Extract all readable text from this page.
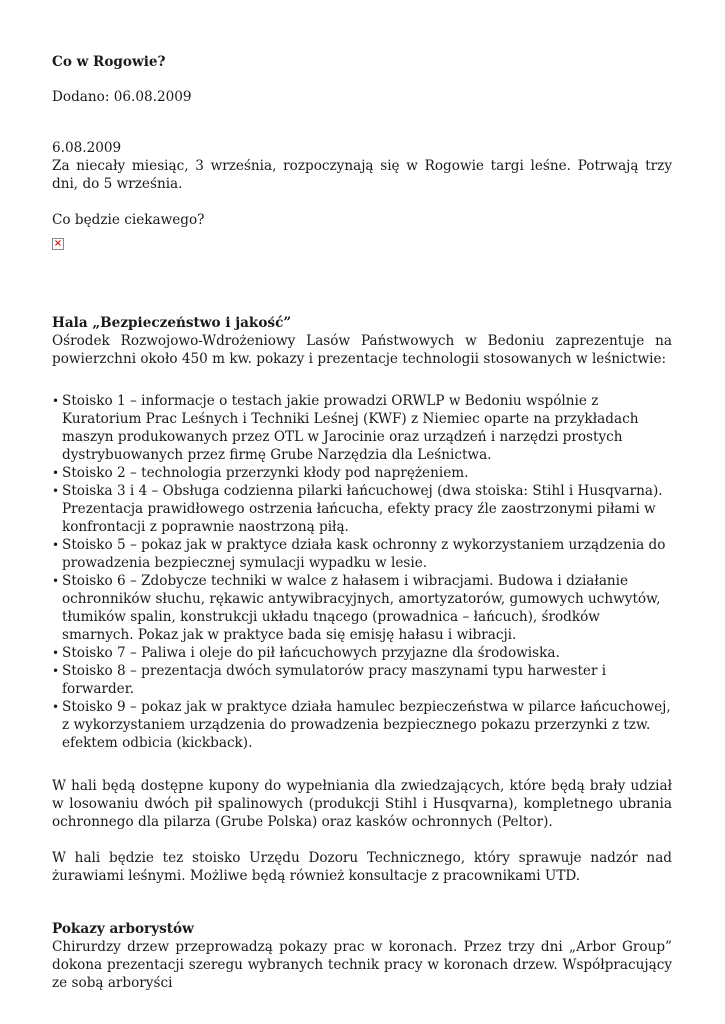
Co w Rogowie?

Dodano: 06.08.2009

6.08.2009

Za niecały miesiąc, 3 września, rozpoczynają się w Rogowie targi leśne. Potrwają trzy dni, do 5 września.

Co będzie ciekawego?

×

Hala „Bezpieczeństwo i jakość”

Ośrodek Rozwojowo-Wdrożeniowy Lasów Państwowych w Bedoniu zaprezentuje na powierzchni około 450 m kw. pokazy i prezentacje technologii stosowanych w leśnictwie:

• Stoisko 1 – informacje o testach jakie prowadzi ORWLP w Bedoniu wspólnie z Kuratorium Prac Leśnych i Techniki Leśnej (KWF) z Niemiec oparte na przykładach maszyn produkowanych przez OTL w Jarocinie oraz urządzeń i narzędzi prostych dystrybuowanych przez firmę Grube Narzędzia dla Leśnictwa.
• Stoisko 2 – technologia przerzynki kłody pod naprężeniem.
• Stoiska 3 i 4 – Obsługa codzienna pilarki łańcuchowej (dwa stoiska: Stihl i Husqvarna). Prezentacja prawidłowego ostrzenia łańcucha, efekty pracy źle zaostrzonymi piłami w konfrontacji z poprawnie naostrzoną piłą.
• Stoisko 5 – pokaz jak w praktyce działa kask ochronny z wykorzystaniem urządzenia do prowadzenia bezpiecznej symulacji wypadku w lesie.
• Stoisko 6 – Zdobycze techniki w walce z hałasem i wibracjami. Budowa i działanie ochronników słuchu, rękawic antywibracyjnych, amortyzatorów, gumowych uchwytów, tłumików spalin, konstrukcji układu tnącego (prowadnica – łańcuch), środków smarnych. Pokaz jak w praktyce bada się emisję hałasu i wibracji.
• Stoisko 7 – Paliwa i oleje do pił łańcuchowych przyjazne dla środowiska.
• Stoisko 8 – prezentacja dwóch symulatorów pracy maszynami typu harwester i forwarder.
• Stoisko 9 – pokaz jak w praktyce działa hamulec bezpieczeństwa w pilarce łańcuchowej, z wykorzystaniem urządzenia do prowadzenia bezpiecznego pokazu przerzynki z tzw. efektem odbicia (kickback).

W hali będą dostępne kupony do wypełniania dla zwiedzających, które będą brały udział w losowaniu dwóch pił spalinowych (produkcji Stihl i Husqvarna), kompletnego ubrania ochronnego dla pilarza (Grube Polska) oraz kasków ochronnych (Peltor).

W hali będzie tez stoisko Urzędu Dozoru Technicznego, który sprawuje nadzór nad żurawiami leśnymi. Możliwe będą również konsultacje z pracownikami UTD.

Pokazy arborystów

Chirurdzy drzew przeprowadzą pokazy prac w koronach. Przez trzy dni „Arbor Group” dokona prezentacji szeregu wybranych technik pracy w koronach drzew. Współpracujący ze sobą arboryści
